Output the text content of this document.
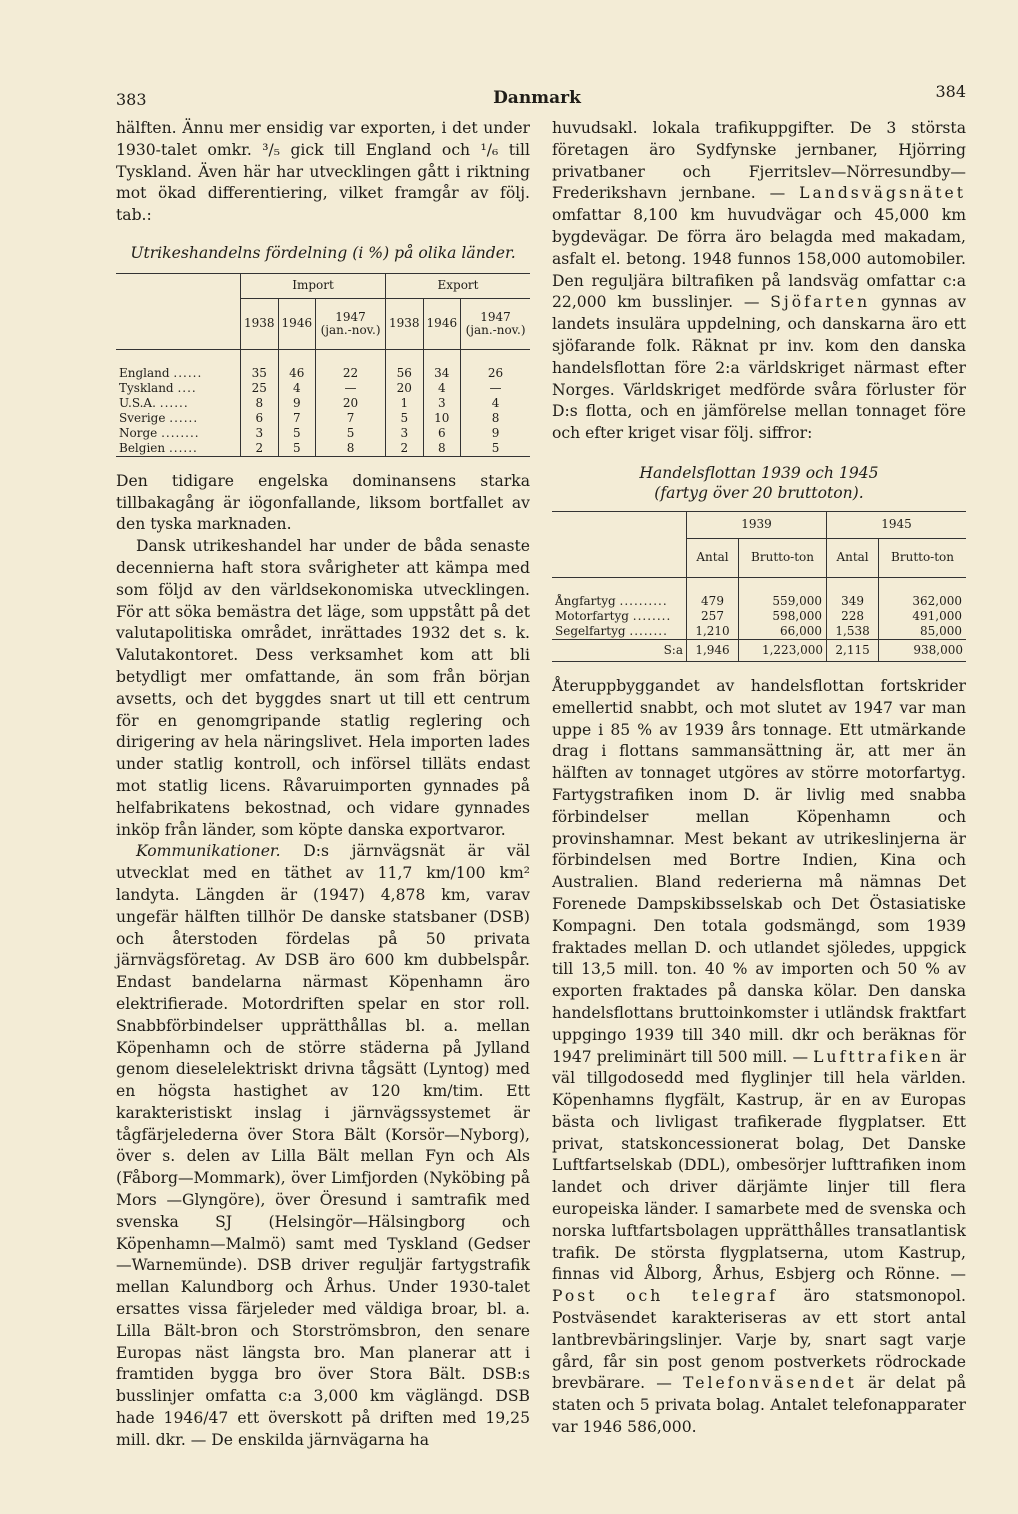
383	Danmark	384

hälften. Ännu mer ensidig var exporten, i det under 1930-talet omkr. ³/₅ gick till England och ¹/₆ till Tyskland. Även här har utvecklingen gått i riktning mot ökad differentiering, vilket framgår av följ. tab.:

Utrikeshandelns fördelning (i %) på olika länder.
	Import			Export		
	1938	1946	1947 (jan.-nov.)	1938	1946	1947 (jan.-nov.)

England ......	35	46	22	56	34	26
Tyskland ....	25	4	—	20	4	—
U.S.A. ......	8	9	20	1	3	4
Sverige ......	6	7	7	5	10	8
Norge ........	3	5	5	3	6	9
Belgien ......	2	5	8	2	8	5

Den tidigare engelska dominansens starka tillbakagång är iögonfallande, liksom bortfallet av den tyska marknaden.

Dansk utrikeshandel har under de båda senaste decennierna haft stora svårigheter att kämpa med som följd av den världsekonomiska utvecklingen. För att söka bemästra det läge, som uppstått på det valutapolitiska området, inrättades 1932 det s. k. Valutakontoret. Dess verksamhet kom att bli betydligt mer omfattande, än som från början avsetts, och det byggdes snart ut till ett centrum för en genomgripande statlig reglering och dirigering av hela näringslivet. Hela importen lades under statlig kontroll, och införsel tilläts endast mot statlig licens. Råvaruimporten gynnades på helfabrikatens bekostnad, och vidare gynnades inköp från länder, som köpte danska exportvaror.

Kommunikationer. D:s järnvägsnät är väl utvecklat med en täthet av 11,7 km/100 km² landyta. Längden är (1947) 4,878 km, varav ungefär hälften tillhör De danske statsbaner (DSB) och återstoden fördelas på 50 privata järnvägsföretag. Av DSB äro 600 km dubbelspår. Endast bandelarna närmast Köpenhamn äro elektrifierade. Motordriften spelar en stor roll. Snabbförbindelser upprätthållas bl. a. mellan Köpenhamn och de större städerna på Jylland genom dieselelektriskt drivna tågsätt (Lyntog) med en högsta hastighet av 120 km/tim. Ett karakteristiskt inslag i järnvägssystemet är tågfärjelederna över Stora Bält (Korsör—Nyborg), över s. delen av Lilla Bält mellan Fyn och Als (Fåborg—Mommark), över Limfjorden (Nyköbing på Mors —Glyngöre), över Öresund i samtrafik med svenska SJ (Helsingör—Hälsingborg och Köpenhamn—Malmö) samt med Tyskland (Gedser —Warnemünde). DSB driver reguljär fartygstrafik mellan Kalundborg och Århus. Under 1930-talet ersattes vissa färjeleder med väldiga broar, bl. a. Lilla Bält-bron och Storströmsbron, den senare Europas näst längsta bro. Man planerar att i framtiden bygga bro över Stora Bält. DSB:s busslinjer omfatta c:a 3,000 km väglängd. DSB hade 1946/47 ett överskott på driften med 19,25 mill. dkr. — De enskilda järnvägarna ha

huvudsakl. lokala trafikuppgifter. De 3 största företagen äro Sydfynske jernbaner, Hjörring privatbaner och Fjerritslev—Nörresundby—Frederikshavn jernbane. — Landsvägsnätet omfattar 8,100 km huvudvägar och 45,000 km bygdevägar. De förra äro belagda med makadam, asfalt el. betong. 1948 funnos 158,000 automobiler. Den reguljära biltrafiken på landsväg omfattar c:a 22,000 km busslinjer. — Sjöfarten gynnas av landets insulära uppdelning, och danskarna äro ett sjöfarande folk. Räknat pr inv. kom den danska handelsflottan före 2:a världskriget närmast efter Norges. Världskriget medförde svåra förluster för D:s flotta, och en jämförelse mellan tonnaget före och efter kriget visar följ. siffror:

Handelsflottan 1939 och 1945
(fartyg över 20 bruttoton).
	1939		1945	
	Antal	Brutto-ton	Antal	Brutto-ton

Ångfartyg ..........	479	559,000	349	362,000
Motorfartyg ........	257	598,000	228	491,000
Segelfartyg ........	1,210	66,000	1,538	85,000
S:a	1,946	1,223,000	2,115	938,000

Återuppbyggandet av handelsflottan fortskrider emellertid snabbt, och mot slutet av 1947 var man uppe i 85 % av 1939 års tonnage. Ett utmärkande drag i flottans sammansättning är, att mer än hälften av tonnaget utgöres av större motorfartyg. Fartygstrafiken inom D. är livlig med snabba förbindelser mellan Köpenhamn och provinshamnar. Mest bekant av utrikeslinjerna är förbindelsen med Bortre Indien, Kina och Australien. Bland rederierna må nämnas Det Forenede Dampskibsselskab och Det Östasiatiske Kompagni. Den totala godsmängd, som 1939 fraktades mellan D. och utlandet sjöledes, uppgick till 13,5 mill. ton. 40 % av importen och 50 % av exporten fraktades på danska kölar. Den danska handelsflottans bruttoinkomster i utländsk fraktfart uppgingo 1939 till 340 mill. dkr och beräknas för 1947 preliminärt till 500 mill. — Lufttrafiken är väl tillgodosedd med flyglinjer till hela världen. Köpenhamns flygfält, Kastrup, är en av Europas bästa och livligast trafikerade flygplatser. Ett privat, statskoncessionerat bolag, Det Danske Luftfartselskab (DDL), ombesörjer lufttrafiken inom landet och driver därjämte linjer till flera europeiska länder. I samarbete med de svenska och norska luftfartsbolagen upprätthålles transatlantisk trafik. De största flygplatserna, utom Kastrup, finnas vid Ålborg, Århus, Esbjerg och Rönne. — Post och telegraf äro statsmonopol. Postväsendet karakteriseras av ett stort antal lantbrevbäringslinjer. Varje by, snart sagt varje gård, får sin post genom postverkets rödrockade brevbärare. — Telefonväsendet är delat på staten och 5 privata bolag. Antalet telefonapparater var 1946 586,000.
